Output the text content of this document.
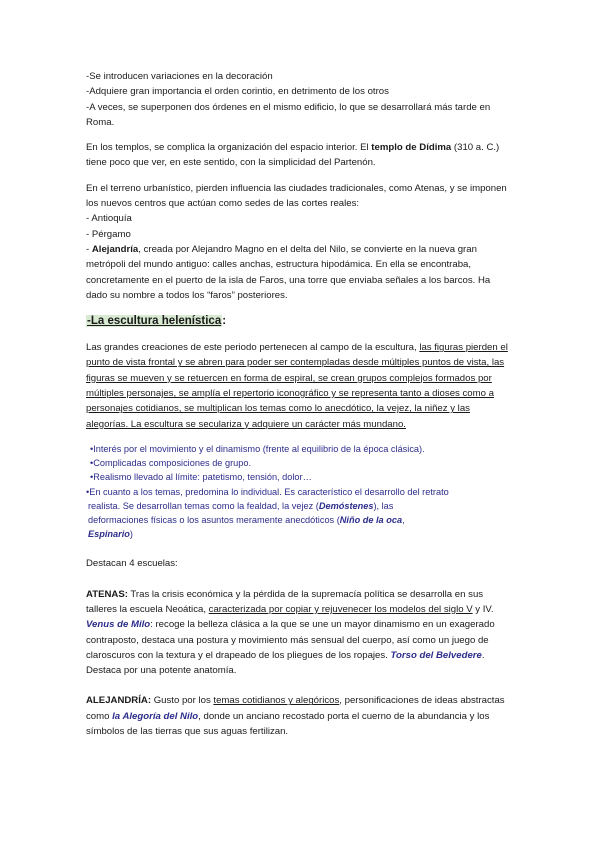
-Se introducen variaciones en la decoración

-Adquiere gran importancia el orden corintio, en detrimento de los otros

-A veces, se superponen dos órdenes en el mismo edificio, lo que se desarrollará más tarde en Roma.

En los templos, se complica la organización del espacio interior. El templo de Dídima (310 a. C.) tiene poco que ver, en este sentido, con la simplicidad del Partenón.

En el terreno urbanístico, pierden influencia las ciudades tradicionales, como Atenas, y se imponen los nuevos centros que actúan como sedes de las cortes reales:

- Antioquía

- Pérgamo

- Alejandría, creada por Alejandro Magno en el delta del Nilo, se convierte en la nueva gran metrópoli del mundo antiguo: calles anchas, estructura hipodámica. En ella se encontraba, concretamente en el puerto de la isla de Faros, una torre que enviaba señales a los barcos. Ha dado su nombre a todos los “faros” posteriores.

-La escultura helenística:

Las grandes creaciones de este periodo pertenecen al campo de la escultura, las figuras pierden el punto de vista frontal y se abren para poder ser contempladas desde múltiples puntos de vista, las figuras se mueven y se retuercen en forma de espiral, se crean grupos complejos formados por múltiples personajes, se amplía el repertorio iconográfico y se representa tanto a dioses como a personajes cotidianos, se multiplican los temas como lo anecdótico, la vejez, la niñez y las alegorías. La escultura se seculariza y adquiere un carácter más mundano.

•Interés por el movimiento y el dinamismo (frente al equilibrio de la época clásica).

•Complicadas composiciones de grupo.

•Realismo llevado al límite: patetismo, tensión, dolor…

•En cuanto a los temas, predomina lo individual. Es característico el desarrollo del retrato

realista. Se desarrollan temas como la fealdad, la vejez (Demóstenes), las

deformaciones físicas o los asuntos meramente anecdóticos (Niño de la oca,

Espinario)

Destacan 4 escuelas:

ATENAS: Tras la crisis económica y la pérdida de la supremacía política se desarrolla en sus talleres la escuela Neoática, caracterizada por copiar y rejuvenecer los modelos del siglo V y IV. Venus de Milo: recoge la belleza clásica a la que se une un mayor dinamismo en un exagerado contraposto, destaca una postura y movimiento más sensual del cuerpo, así como un juego de claroscuros con la textura y el drapeado de los pliegues de los ropajes. Torso del Belvedere. Destaca por una potente anatomía.

ALEJANDRÍA: Gusto por los temas cotidianos y alegóricos, personificaciones de ideas abstractas como la Alegoría del Nilo, donde un anciano recostado porta el cuerno de la abundancia y los símbolos de las tierras que sus aguas fertilizan.
